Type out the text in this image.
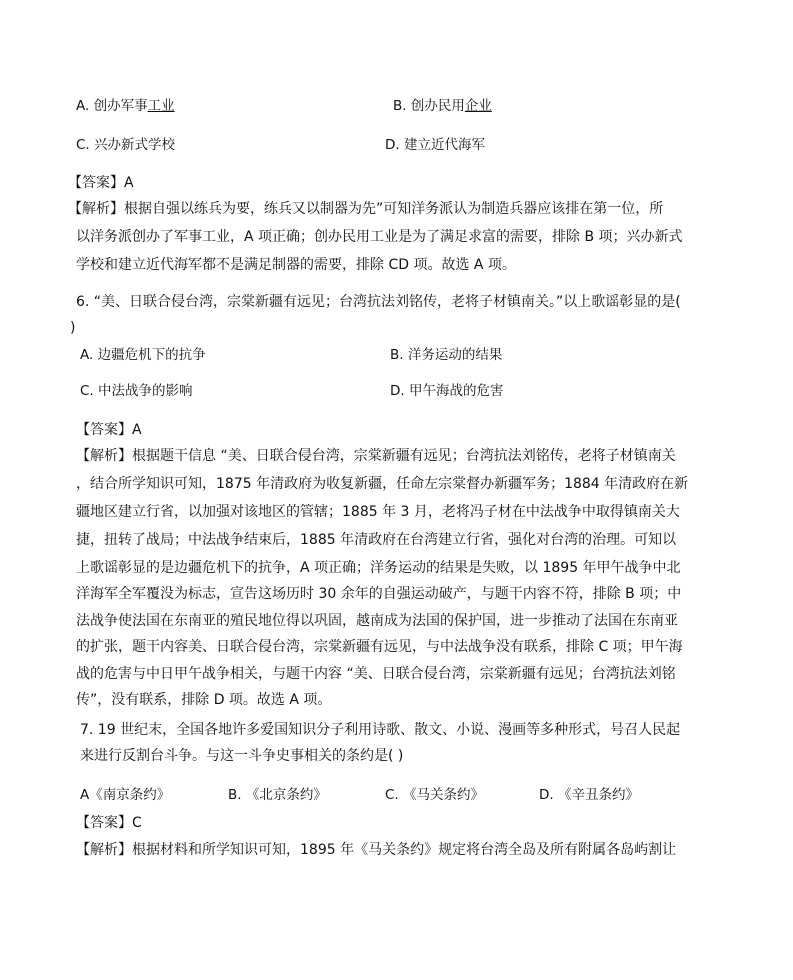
A. 创办军事工业	B. 创办民用企业
C. 兴办新式学校	D. 建立近代海军
【答案】A
【解析】根据自强以练兵为要，练兵又以制器为先”可知洋务派认为制造兵器应该排在第一位，所
以洋务派创办了军事工业，A 项正确；创办民用工业是为了满足求富的需要，排除 B 项；兴办新式
学校和建立近代海军都不是满足制器的需要，排除 CD 项。故选 A 项。
6. “美、日联合侵台湾，宗棠新疆有远见；台湾抗法刘铭传，老将子材镇南关。”以上歌谣彰显的是(
)
A. 边疆危机下的抗争	B. 洋务运动的结果
C. 中法战争的影响	D. 甲午海战的危害
【答案】A
【解析】根据题干信息 “美、日联合侵台湾，宗棠新疆有远见；台湾抗法刘铭传，老将子材镇南关
，结合所学知识可知，1875 年清政府为收复新疆，任命左宗棠督办新疆军务；1884 年清政府在新
疆地区建立行省，以加强对该地区的管辖；1885 年 3 月，老将冯子材在中法战争中取得镇南关大
捷，扭转了战局；中法战争结束后，1885 年清政府在台湾建立行省，强化对台湾的治理。可知以
上歌谣彰显的是边疆危机下的抗争，A 项正确；洋务运动的结果是失败，以 1895 年甲午战争中北
洋海军全军覆没为标志，宣告这场历时 30 余年的自强运动破产，与题干内容不符，排除 B 项；中
法战争使法国在东南亚的殖民地位得以巩固，越南成为法国的保护国，进一步推动了法国在东南亚
的扩张，题干内容美、日联合侵台湾，宗棠新疆有远见，与中法战争没有联系，排除 C 项；甲午海
战的危害与中日甲午战争相关，与题干内容 “美、日联合侵台湾，宗棠新疆有远见；台湾抗法刘铭
传”，没有联系，排除 D 项。故选 A 项。
7. 19 世纪末，全国各地许多爱国知识分子利用诗歌、散文、小说、漫画等多种形式，号召人民起
来进行反割台斗争。与这一斗争史事相关的条约是( )
A《南京条约》	B. 《北京条约》	C. 《马关条约》	D. 《辛丑条约》
【答案】C
【解析】根据材料和所学知识可知，1895 年《马关条约》规定将台湾全岛及所有附属各岛屿割让
